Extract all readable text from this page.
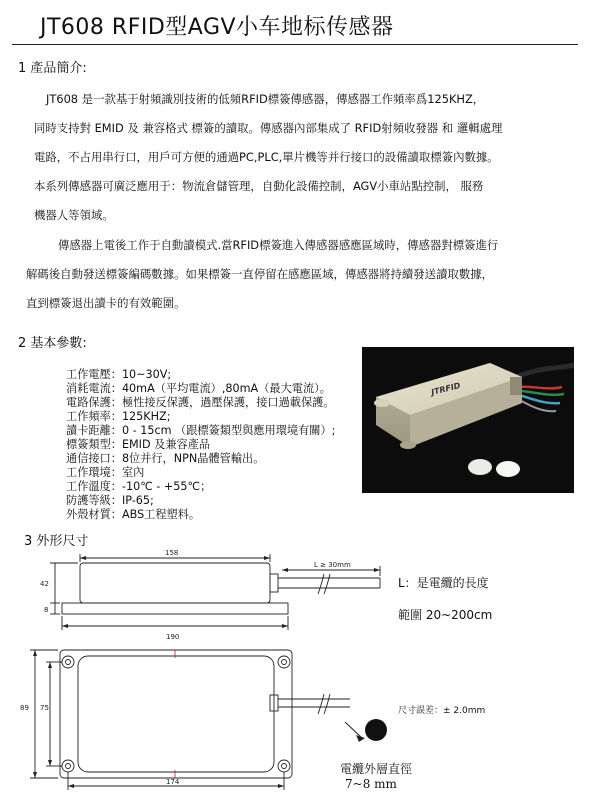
JT608 RFID型AGV小车地标传感器
1 產品簡介:
JT608 是一款基于射頻識別技術的低頻RFID標簽傳感器，傳感器工作頻率爲125KHZ，
同時支持對 EMID 及 兼容格式 標簽的讀取。傳感器內部集成了 RFID射頻收發器 和 邏輯處理
電路，不占用串行口，用戶可方便的通過PC,PLC,單片機等并行接口的設備讀取標簽內數據。
本系列傳感器可廣泛應用于：物流倉儲管理，自動化設備控制，AGV小車站點控制， 服務
機器人等領域。
傳感器上電後工作于自動讀模式.當RFID標簽進入傳感器感應區域時，傳感器對標簽進行
解碼後自動發送標簽編碼數據。如果標簽一直停留在感應區域，傳感器將持續發送讀取數據，
直到標簽退出讀卡的有效範圍。
2 基本參數:
工作電壓：10~30V;
消耗電流：40mA（平均電流）,80mA（最大電流）。
電路保護：極性接反保護，過壓保護，接口過載保護。
工作頻率：125KHZ;
讀卡距離：0 - 15cm （跟標簽類型與應用環境有關）;
標簽類型：EMID 及兼容產品
通信接口：8位并行，NPN晶體管輸出。
工作環境：室內
工作溫度：-10℃ - +55℃；
防護等級：IP-65;
外殼材質：ABS工程塑料。
JTRFID
3 外形尺寸
158
L ≥ 30mm
42
8
190
89 75
174
L：是電纜的長度
範圍 20~200cm
尺寸誤差：± 2.0mm
電纜外層直徑
7~8 mm
